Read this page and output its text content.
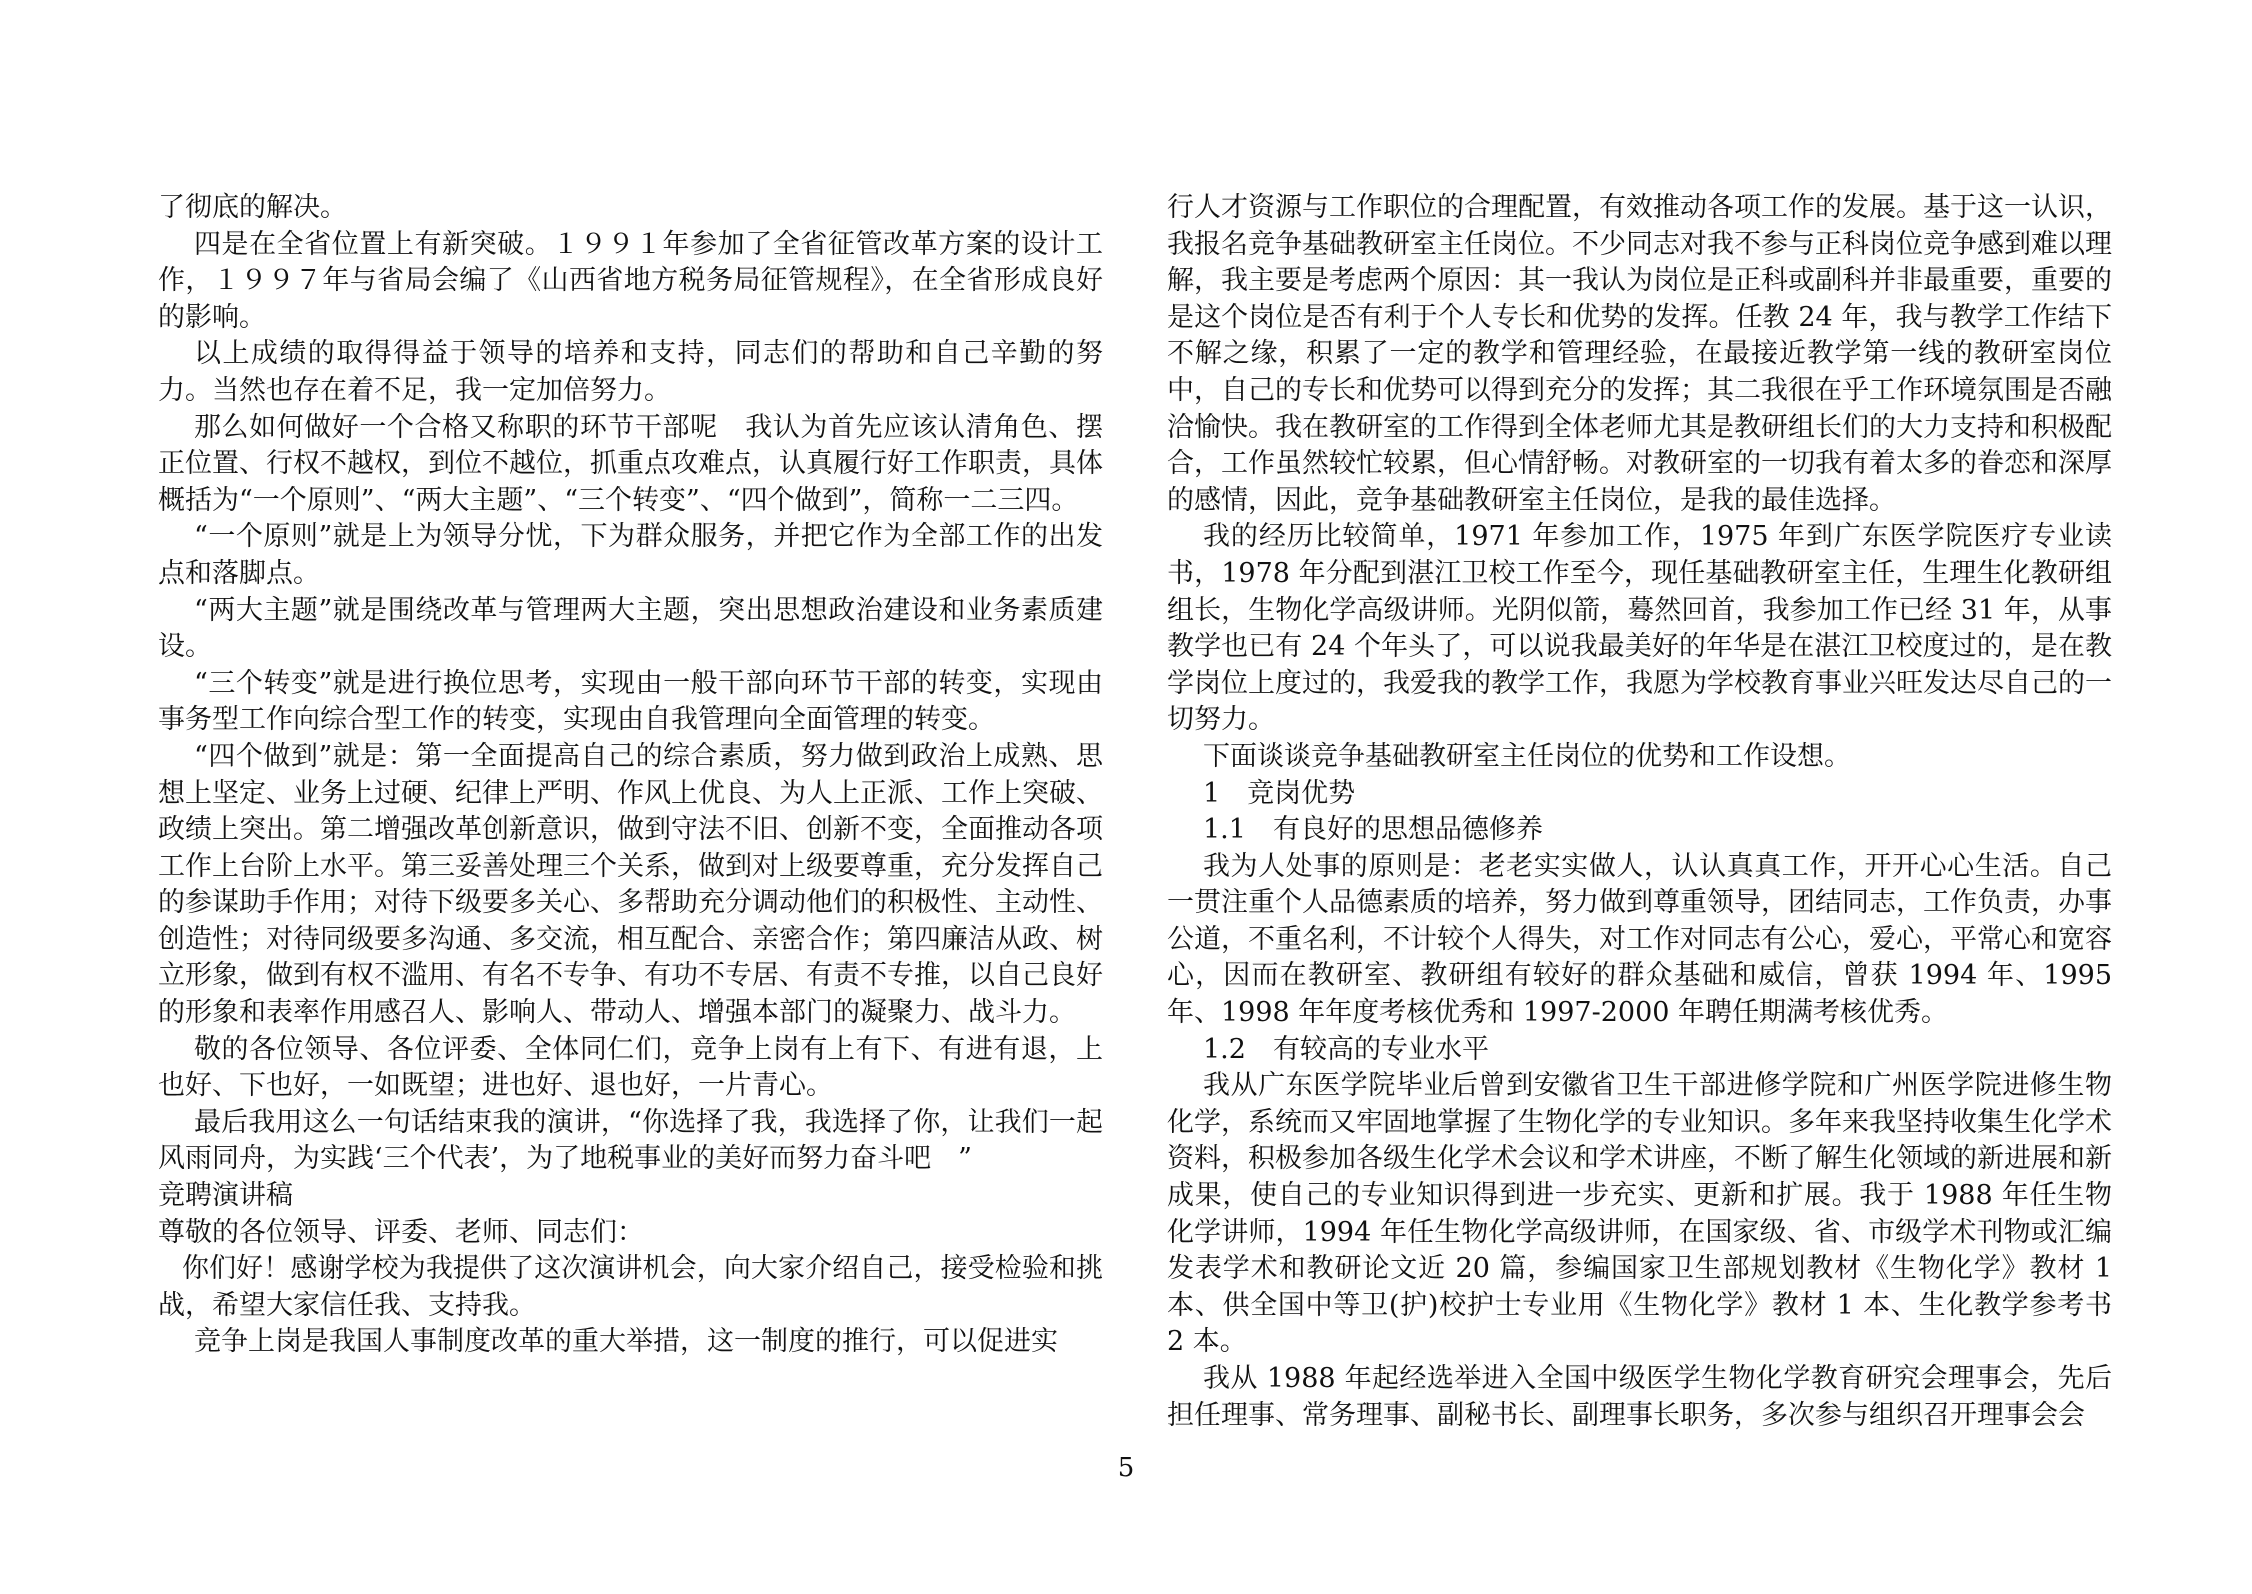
了彻底的解决。

四是在全省位置上有新突破。１９９１年参加了全省征管改革方案的设计工作，１９９７年与省局会编了《山西省地方税务局征管规程》，在全省形成良好的影响。

以上成绩的取得得益于领导的培养和支持，同志们的帮助和自己辛勤的努力。当然也存在着不足，我一定加倍努力。

那么如何做好一个合格又称职的环节干部呢　我认为首先应该认清角色、摆正位置、行权不越权，到位不越位，抓重点攻难点，认真履行好工作职责，具体概括为“一个原则”、“两大主题”、“三个转变”、“四个做到”，简称一二三四。

“一个原则”就是上为领导分忧，下为群众服务，并把它作为全部工作的出发点和落脚点。

“两大主题”就是围绕改革与管理两大主题，突出思想政治建设和业务素质建设。

“三个转变”就是进行换位思考，实现由一般干部向环节干部的转变，实现由事务型工作向综合型工作的转变，实现由自我管理向全面管理的转变。

“四个做到”就是：第一全面提高自己的综合素质，努力做到政治上成熟、思想上坚定、业务上过硬、纪律上严明、作风上优良、为人上正派、工作上突破、政绩上突出。第二增强改革创新意识，做到守法不旧、创新不变，全面推动各项工作上台阶上水平。第三妥善处理三个关系，做到对上级要尊重，充分发挥自己的参谋助手作用；对待下级要多关心、多帮助充分调动他们的积极性、主动性、创造性；对待同级要多沟通、多交流，相互配合、亲密合作；第四廉洁从政、树立形象，做到有权不滥用、有名不专争、有功不专居、有责不专推，以自己良好的形象和表率作用感召人、影响人、带动人、增强本部门的凝聚力、战斗力。

敬的各位领导、各位评委、全体同仁们，竞争上岗有上有下、有进有退，上也好、下也好，一如既望；进也好、退也好，一片青心。

最后我用这么一句话结束我的演讲，“你选择了我，我选择了你，让我们一起风雨同舟，为实践‘三个代表’，为了地税事业的美好而努力奋斗吧　”

竞聘演讲稿

尊敬的各位领导、评委、老师、同志们：

你们好！感谢学校为我提供了这次演讲机会，向大家介绍自己，接受检验和挑战，希望大家信任我、支持我。

竞争上岗是我国人事制度改革的重大举措，这一制度的推行，可以促进实

行人才资源与工作职位的合理配置，有效推动各项工作的发展。基于这一认识，我报名竞争基础教研室主任岗位。不少同志对我不参与正科岗位竞争感到难以理解，我主要是考虑两个原因：其一我认为岗位是正科或副科并非最重要，重要的是这个岗位是否有利于个人专长和优势的发挥。任教 24 年，我与教学工作结下不解之缘，积累了一定的教学和管理经验，在最接近教学第一线的教研室岗位中，自己的专长和优势可以得到充分的发挥；其二我很在乎工作环境氛围是否融洽愉快。我在教研室的工作得到全体老师尤其是教研组长们的大力支持和积极配合，工作虽然较忙较累，但心情舒畅。对教研室的一切我有着太多的眷恋和深厚的感情，因此，竞争基础教研室主任岗位，是我的最佳选择。

我的经历比较简单，1971 年参加工作，1975 年到广东医学院医疗专业读书，1978 年分配到湛江卫校工作至今，现任基础教研室主任，生理生化教研组组长，生物化学高级讲师。光阴似箭，蓦然回首，我参加工作已经 31 年，从事教学也已有 24 个年头了，可以说我最美好的年华是在湛江卫校度过的，是在教学岗位上度过的，我爱我的教学工作，我愿为学校教育事业兴旺发达尽自己的一切努力。

下面谈谈竞争基础教研室主任岗位的优势和工作设想。

1　竞岗优势

1.1　有良好的思想品德修养

我为人处事的原则是：老老实实做人，认认真真工作，开开心心生活。自己一贯注重个人品德素质的培养，努力做到尊重领导，团结同志，工作负责，办事公道，不重名利，不计较个人得失，对工作对同志有公心，爱心，平常心和宽容心，因而在教研室、教研组有较好的群众基础和威信，曾获 1994 年、1995 年、1998 年年度考核优秀和 1997-2000 年聘任期满考核优秀。

1.2　有较高的专业水平

我从广东医学院毕业后曾到安徽省卫生干部进修学院和广州医学院进修生物化学，系统而又牢固地掌握了生物化学的专业知识。多年来我坚持收集生化学术资料，积极参加各级生化学术会议和学术讲座，不断了解生化领域的新进展和新成果，使自己的专业知识得到进一步充实、更新和扩展。我于 1988 年任生物化学讲师，1994 年任生物化学高级讲师，在国家级、省、市级学术刊物或汇编发表学术和教研论文近 20 篇，参编国家卫生部规划教材《生物化学》教材 1 本、供全国中等卫(护)校护士专业用《生物化学》教材 1 本、生化教学参考书 2 本。

我从 1988 年起经选举进入全国中级医学生物化学教育研究会理事会，先后担任理事、常务理事、副秘书长、副理事长职务，多次参与组织召开理事会会

5
